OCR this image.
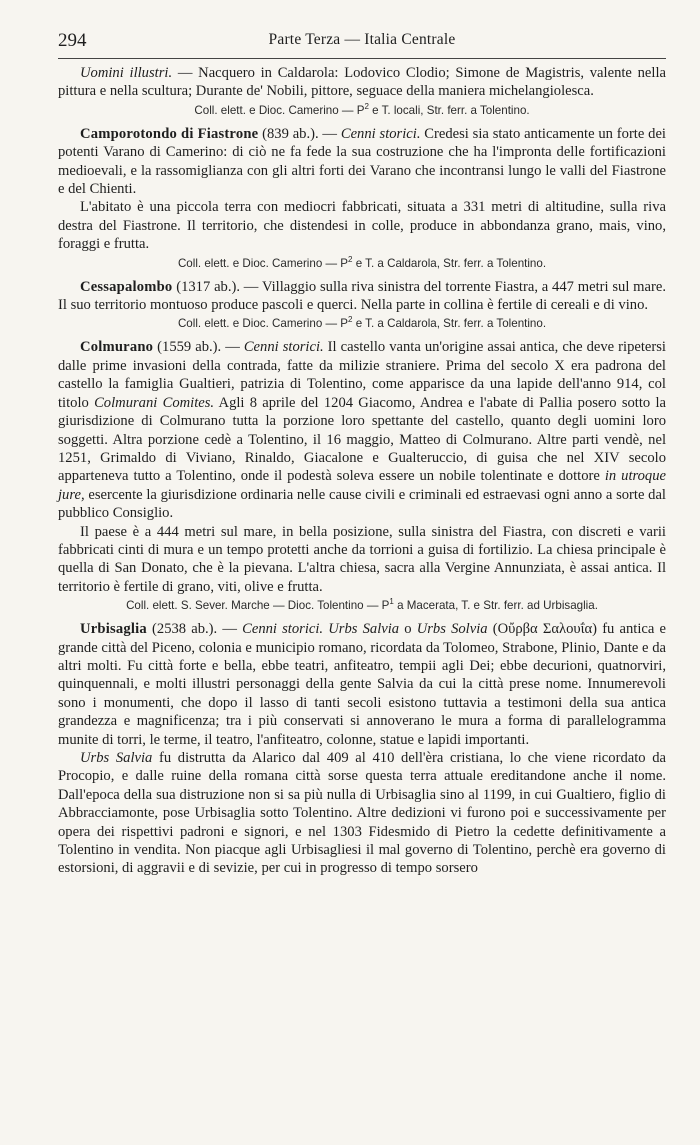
294	Parte Terza — Italia Centrale

Uomini illustri. — Nacquero in Caldarola: Lodovico Clodio; Simone de Magistris, valente nella pittura e nella scultura; Durante de' Nobili, pittore, seguace della maniera michelangiolesca.

Coll. elett. e Dioc. Camerino — $P^2$ e T. locali, Str. ferr. a Tolentino.

Camporotondo di Fiastrone (839 ab.). — Cenni storici. Credesi sia stato anticamente un forte dei potenti Varano di Camerino: di ciò ne fa fede la sua costruzione che ha l'impronta delle fortificazioni medioevali, e la rassomiglianza con gli altri forti dei Varano che incontransi lungo le valli del Fiastrone e del Chienti.

L'abitato è una piccola terra con mediocri fabbricati, situata a 331 metri di altitudine, sulla riva destra del Fiastrone. Il territorio, che distendesi in colle, produce in abbondanza grano, mais, vino, foraggi e frutta.

Coll. elett. e Dioc. Camerino — $P^2$ e T. a Caldarola, Str. ferr. a Tolentino.

Cessapalombo (1317 ab.). — Villaggio sulla riva sinistra del torrente Fiastra, a 447 metri sul mare. Il suo territorio montuoso produce pascoli e querci. Nella parte in collina è fertile di cereali e di vino.

Coll. elett. e Dioc. Camerino — $P^2$ e T. a Caldarola, Str. ferr. a Tolentino.

Colmurano (1559 ab.). — Cenni storici. Il castello vanta un'origine assai antica, che deve ripetersi dalle prime invasioni della contrada, fatte da milizie straniere. Prima del secolo X era padrona del castello la famiglia Gualtieri, patrizia di Tolentino, come apparisce da una lapide dell'anno 914, col titolo Colmurani Comites. Agli 8 aprile del 1204 Giacomo, Andrea e l'abate di Pallia posero sotto la giurisdizione di Colmurano tutta la porzione loro spettante del castello, quanto degli uomini loro soggetti. Altra porzione cedè a Tolentino, il 16 maggio, Matteo di Colmurano. Altre parti vendè, nel 1251, Grimaldo di Viviano, Rinaldo, Giacalone e Gualteruccio, di guisa che nel XIV secolo apparteneva tutto a Tolentino, onde il podestà soleva essere un nobile tolentinate e dottore in utroque jure, esercente la giurisdizione ordinaria nelle cause civili e criminali ed estraevasi ogni anno a sorte dal pubblico Consiglio.

Il paese è a 444 metri sul mare, in bella posizione, sulla sinistra del Fiastra, con discreti e varii fabbricati cinti di mura e un tempo protetti anche da torrioni a guisa di fortilizio. La chiesa principale è quella di San Donato, che è la pievana. L'altra chiesa, sacra alla Vergine Annunziata, è assai antica. Il territorio è fertile di grano, viti, olive e frutta.

Coll. elett. S. Sever. Marche — Dioc. Tolentino — $P^1$ a Macerata, T. e Str. ferr. ad Urbisaglia.

Urbisaglia (2538 ab.). — Cenni storici. Urbs Salvia o Urbs Solvia (Οὔρβα Σαλουΐα) fu antica e grande città del Piceno, colonia e municipio romano, ricordata da Tolomeo, Strabone, Plinio, Dante e da altri molti. Fu città forte e bella, ebbe teatri, anfiteatro, tempii agli Dei; ebbe decurioni, quatnorviri, quinquennali, e molti illustri personaggi della gente Salvia da cui la città prese nome. Innumerevoli sono i monumenti, che dopo il lasso di tanti secoli esistono tuttavia a testimoni della sua antica grandezza e magnificenza; tra i più conservati si annoverano le mura a forma di parallelogramma munite di torri, le terme, il teatro, l'anfiteatro, colonne, statue e lapidi importanti.

Urbs Salvia fu distrutta da Alarico dal 409 al 410 dell'èra cristiana, lo che viene ricordato da Procopio, e dalle ruine della romana città sorse questa terra attuale ereditandone anche il nome. Dall'epoca della sua distruzione non si sa più nulla di Urbisaglia sino al 1199, in cui Gualtiero, figlio di Abbracciamonte, pose Urbisaglia sotto Tolentino. Altre dedizioni vi furono poi e successivamente per opera dei rispettivi padroni e signori, e nel 1303 Fidesmido di Pietro la cedette definitivamente a Tolentino in vendita. Non piacque agli Urbisagliesi il mal governo di Tolentino, perchè era governo di estorsioni, di aggravii e di sevizie, per cui in progresso di tempo sorsero
